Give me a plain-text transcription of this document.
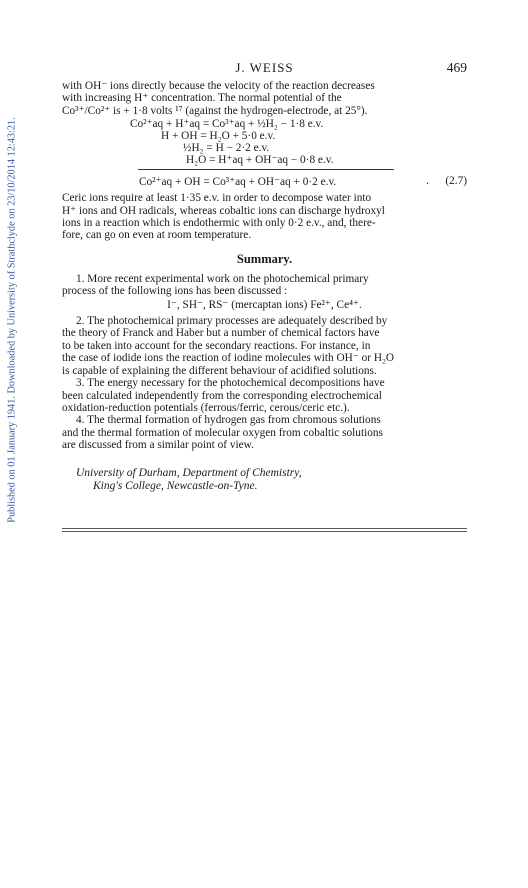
Published on 01 January 1941. Downloaded by University of Strathclyde on 23/10/2014 12:43:21.
J. WEISS	469

with OH⁻ ions directly because the velocity of the reaction decreases

with increasing H⁺ concentration. The normal potential of the

Co³⁺/Co²⁺ is + 1·8 volts ¹⁷ (against the hydrogen-electrode, at 25°).

Co²⁺aq + H⁺aq = Co³⁺aq + ½H₂ − 1·8 e.v.
H + OH = H₂O + 5·0 e.v.
½H₂ = H − 2·2 e.v.
H₂O = H⁺aq + OH⁻aq − 0·8 e.v.
Co²⁺aq + OH = Co³⁺aq + OH⁻aq + 0·2 e.v.	. (2.7)

Ceric ions require at least 1·35 e.v. in order to decompose water into

H⁺ ions and OH radicals, whereas cobaltic ions can discharge hydroxyl

ions in a reaction which is endothermic with only 0·2 e.v., and, there-

fore, can go on even at room temperature.

Summary.

1. More recent experimental work on the photochemical primary

process of the following ions has been discussed :

I⁻, SH⁻, RS⁻ (mercaptan ions) Fe²⁺, Ce⁴⁺.

2. The photochemical primary processes are adequately described by

the theory of Franck and Haber but a number of chemical factors have

to be taken into account for the secondary reactions. For instance, in

the case of iodide ions the reaction of iodine molecules with OH⁻ or H₂O

is capable of explaining the different behaviour of acidified solutions.

3. The energy necessary for the photochemical decompositions have

been calculated independently from the corresponding electrochemical

oxidation-reduction potentials (ferrous/ferric, cerous/ceric etc.).

4. The thermal formation of hydrogen gas from chromous solutions

and the thermal formation of molecular oxygen from cobaltic solutions

are discussed from a similar point of view.

University of Durham, Department of Chemistry,
King's College, Newcastle-on-Tyne.
